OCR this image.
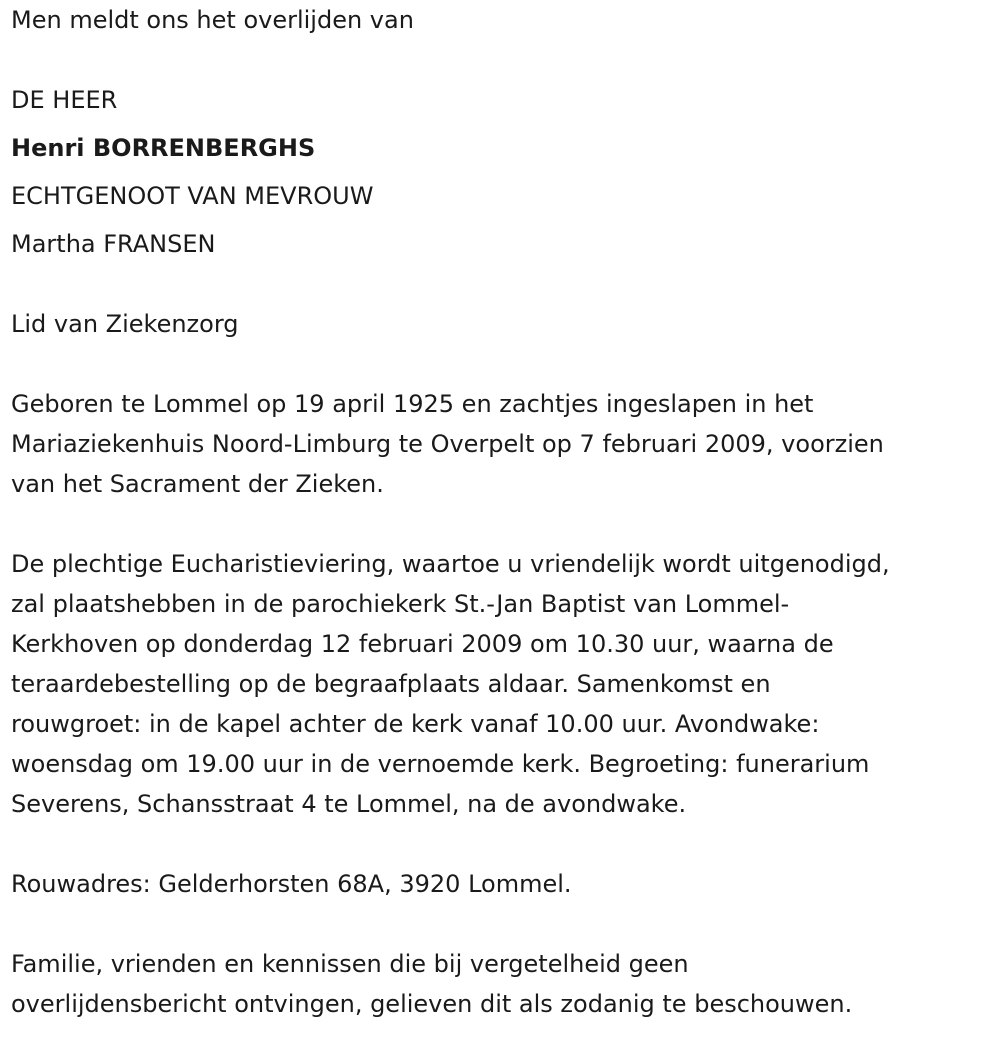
Men meldt ons het overlijden van

DE HEER

Henri BORRENBERGHS

ECHTGENOOT VAN MEVROUW

Martha FRANSEN

Lid van Ziekenzorg

Geboren te Lommel op 19 april 1925 en zachtjes ingeslapen in het
Mariaziekenhuis Noord-Limburg te Overpelt op 7 februari 2009, voorzien
van het Sacrament der Zieken.
De plechtige Eucharistieviering, waartoe u vriendelijk wordt uitgenodigd,
zal plaatshebben in de parochiekerk St.-Jan Baptist van Lommel-
Kerkhoven op donderdag 12 februari 2009 om 10.30 uur, waarna de
teraardebestelling op de begraafplaats aldaar. Samenkomst en
rouwgroet: in de kapel achter de kerk vanaf 10.00 uur. Avondwake:
woensdag om 19.00 uur in de vernoemde kerk. Begroeting: funerarium
Severens, Schansstraat 4 te Lommel, na de avondwake.

Rouwadres: Gelderhorsten 68A, 3920 Lommel.

Familie, vrienden en kennissen die bij vergetelheid geen
overlijdensbericht ontvingen, gelieven dit als zodanig te beschouwen.
